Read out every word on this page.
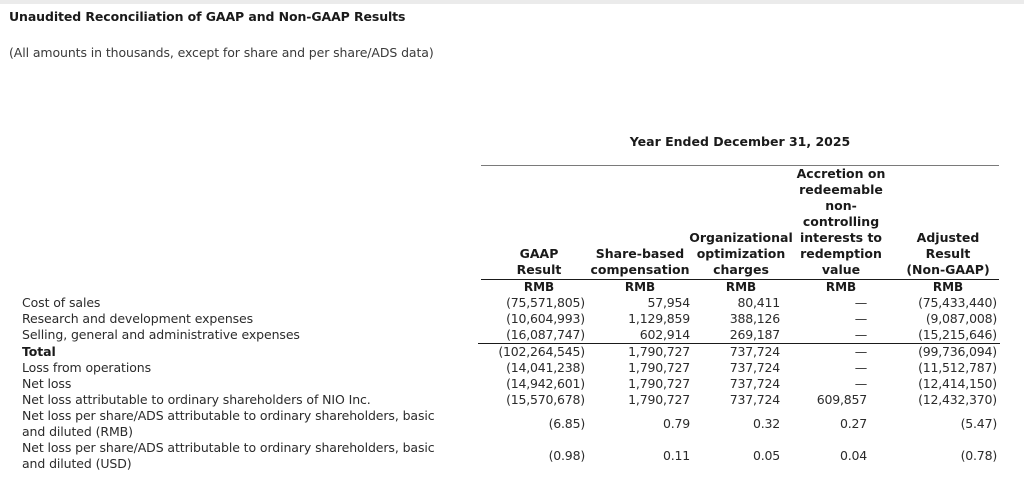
Unaudited Reconciliation of GAAP and Non-GAAP Results
(All amounts in thousands, except for share and per share/ADS data)
Year Ended December 31, 2025
GAAP
Result
Share-based
compensation
Organizational
optimization
charges
Accretion on
redeemable
non-
controlling
interests to
redemption
value
Adjusted
Result
(Non-GAAP)
RMB	RMB	RMB	RMB	RMB
Cost of sales	(75,571,805)	57,954	80,411	—	(75,433,440)
Research and development expenses	(10,604,993)	1,129,859	388,126	—	(9,087,008)
Selling, general and administrative expenses	(16,087,747)	602,914	269,187	—	(15,215,646)
Total	(102,264,545)	1,790,727	737,724	—	(99,736,094)
Loss from operations	(14,041,238)	1,790,727	737,724	—	(11,512,787)
Net loss	(14,942,601)	1,790,727	737,724	—	(12,414,150)
Net loss attributable to ordinary shareholders of NIO Inc.	(15,570,678)	1,790,727	737,724	609,857	(12,432,370)
Net loss per share/ADS attributable to ordinary shareholders, basic
and diluted (RMB)
(6.85)	0.79	0.32	0.27	(5.47)
Net loss per share/ADS attributable to ordinary shareholders, basic
and diluted (USD)
(0.98)	0.11	0.05	0.04	(0.78)
